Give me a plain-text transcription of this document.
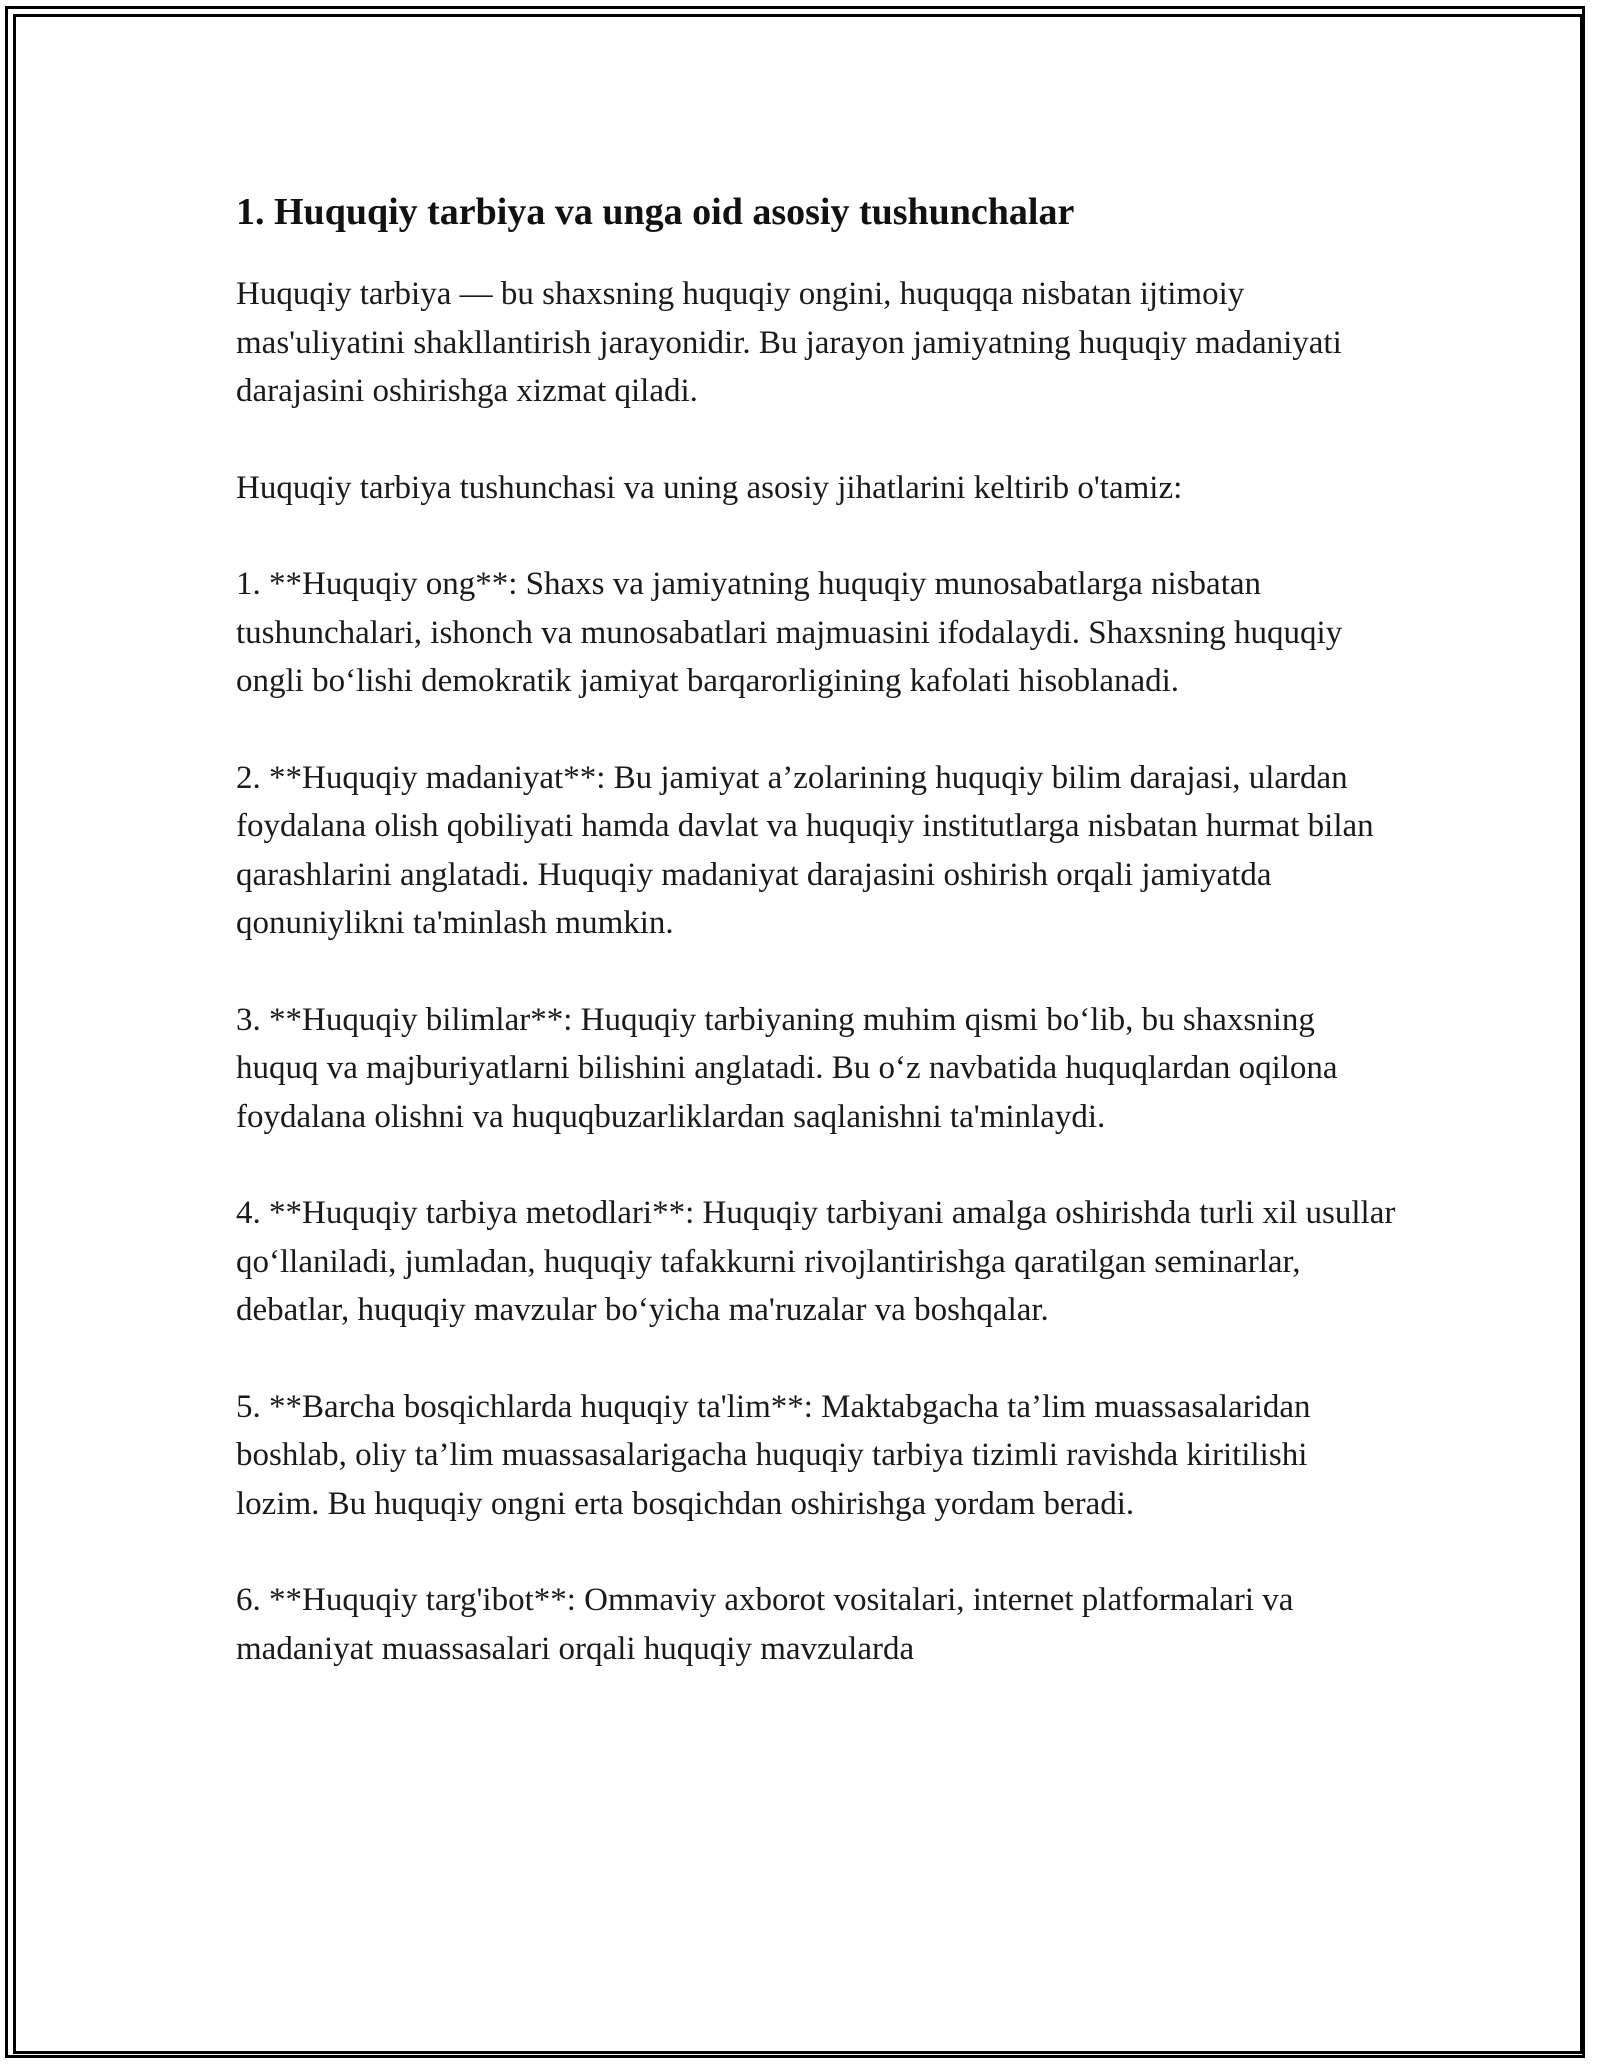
1. Huquqiy tarbiya va unga oid asosiy tushunchalar

Huquqiy tarbiya — bu shaxsning huquqiy ongini, huquqqa nisbatan ijtimoiy mas'uliyatini shakllantirish jarayonidir. Bu jarayon jamiyatning huquqiy madaniyati darajasini oshirishga xizmat qiladi.

Huquqiy tarbiya tushunchasi va uning asosiy jihatlarini keltirib o'tamiz:

1. **Huquqiy ong**: Shaxs va jamiyatning huquqiy munosabatlarga nisbatan tushunchalari, ishonch va munosabatlari majmuasini ifodalaydi. Shaxsning huquqiy ongli bo‘lishi demokratik jamiyat barqarorligining kafolati hisoblanadi.

2. **Huquqiy madaniyat**: Bu jamiyat a’zolarining huquqiy bilim darajasi, ulardan foydalana olish qobiliyati hamda davlat va huquqiy institutlarga nisbatan hurmat bilan qarashlarini anglatadi. Huquqiy madaniyat darajasini oshirish orqali jamiyatda qonuniylikni ta'minlash mumkin.

3. **Huquqiy bilimlar**: Huquqiy tarbiyaning muhim qismi bo‘lib, bu shaxsning huquq va majburiyatlarni bilishini anglatadi. Bu o‘z navbatida huquqlardan oqilona foydalana olishni va huquqbuzarliklardan saqlanishni ta'minlaydi.

4. **Huquqiy tarbiya metodlari**: Huquqiy tarbiyani amalga oshirishda turli xil usullar qo‘llaniladi, jumladan, huquqiy tafakkurni rivojlantirishga qaratilgan seminarlar, debatlar, huquqiy mavzular bo‘yicha ma'ruzalar va boshqalar.

5. **Barcha bosqichlarda huquqiy ta'lim**: Maktabgacha ta’lim muassasalaridan boshlab, oliy ta’lim muassasalarigacha huquqiy tarbiya tizimli ravishda kiritilishi lozim. Bu huquqiy ongni erta bosqichdan oshirishga yordam beradi.

6. **Huquqiy targ'ibot**: Ommaviy axborot vositalari, internet platformalari va madaniyat muassasalari orqali huquqiy mavzularda
